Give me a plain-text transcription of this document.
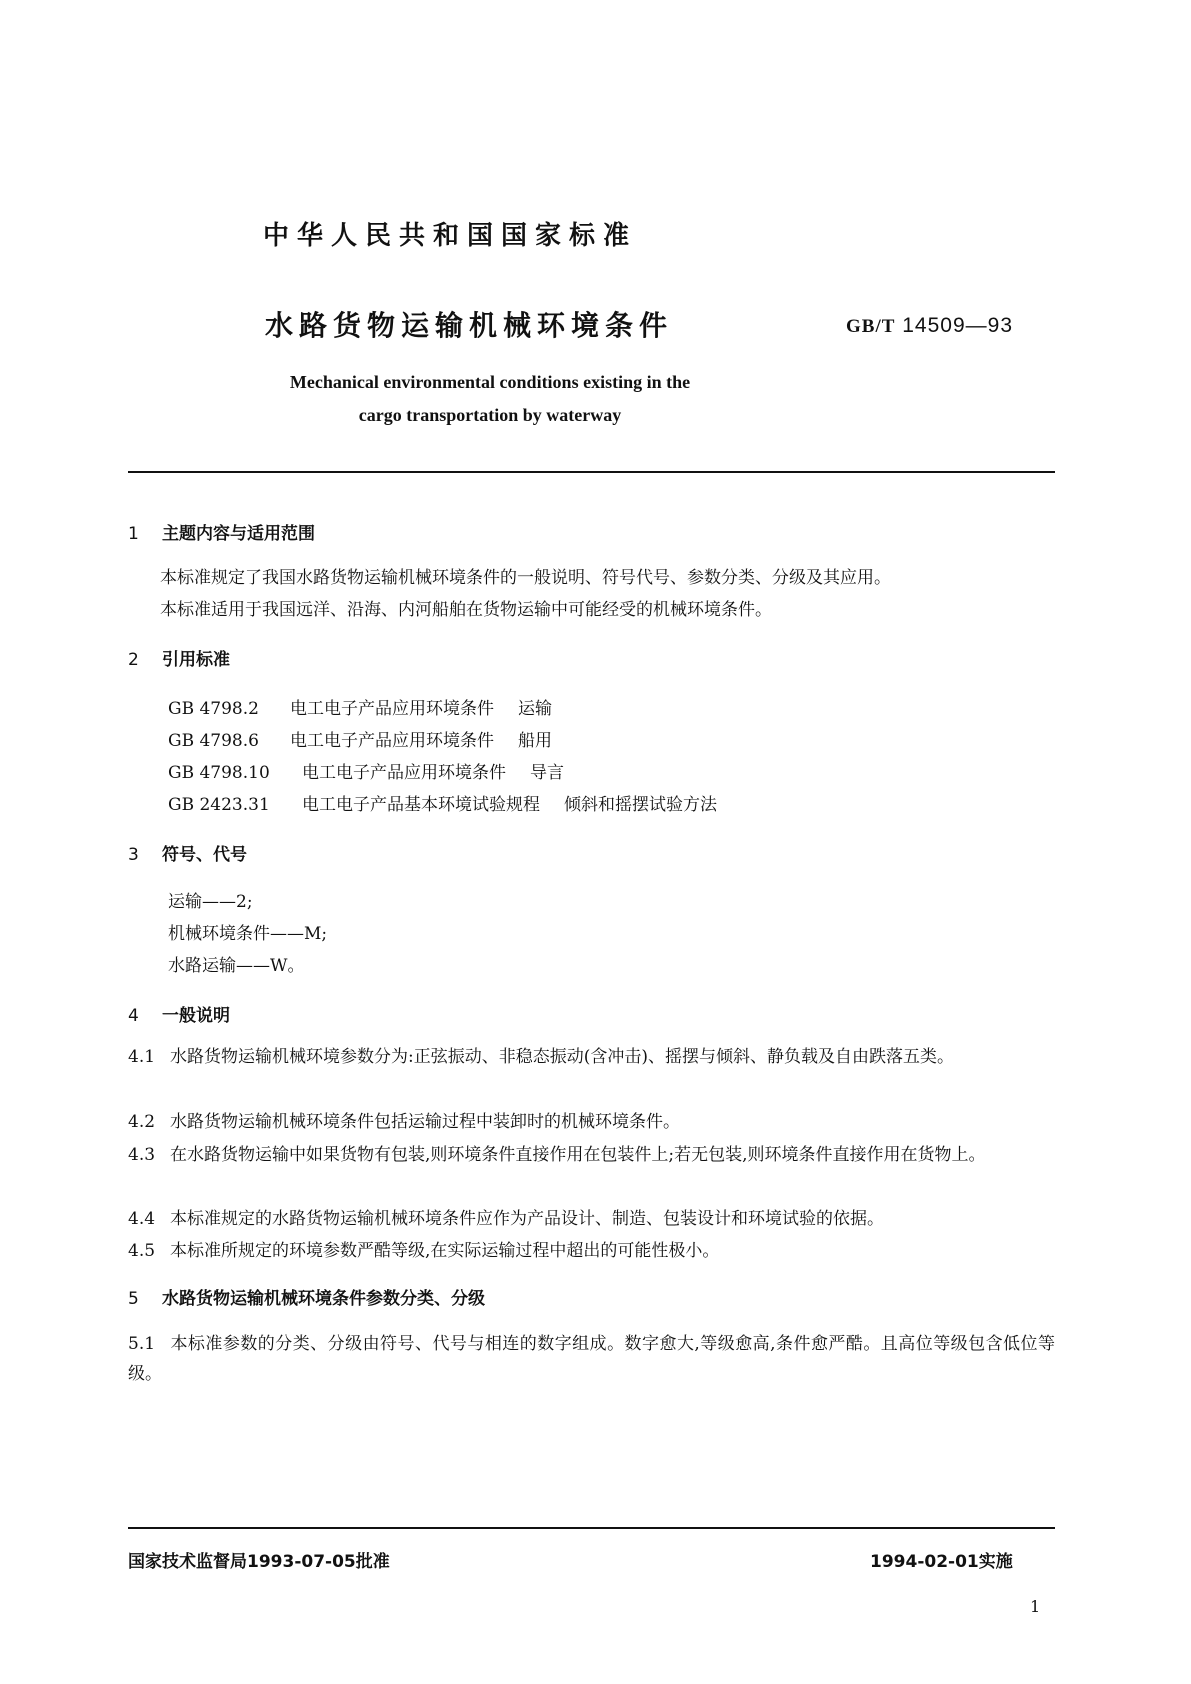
中华人民共和国国家标准
水路货物运输机械环境条件	GB/T 14509—93
Mechanical environmental conditions existing in the
cargo transportation by waterway
1 主题内容与适用范围
本标准规定了我国水路货物运输机械环境条件的一般说明、符号代号、参数分类、分级及其应用。
本标准适用于我国远洋、沿海、内河船舶在货物运输中可能经受的机械环境条件。
2 引用标准
GB 4798.2 电工电子产品应用环境条件 运输
GB 4798.6 电工电子产品应用环境条件 船用
GB 4798.10 电工电子产品应用环境条件 导言
GB 2423.31 电工电子产品基本环境试验规程 倾斜和摇摆试验方法
3 符号、代号
运输——2;
机械环境条件——M;
水路运输——W。
4 一般说明
4.1 水路货物运输机械环境参数分为:正弦振动、非稳态振动(含冲击)、摇摆与倾斜、静负载及自由跌落五类。
4.2 水路货物运输机械环境条件包括运输过程中装卸时的机械环境条件。
4.3 在水路货物运输中如果货物有包装,则环境条件直接作用在包装件上;若无包装,则环境条件直接作用在货物上。
4.4 本标准规定的水路货物运输机械环境条件应作为产品设计、制造、包装设计和环境试验的依据。
4.5 本标准所规定的环境参数严酷等级,在实际运输过程中超出的可能性极小。
5 水路货物运输机械环境条件参数分类、分级
5.1 本标准参数的分类、分级由符号、代号与相连的数字组成。数字愈大,等级愈高,条件愈严酷。且高位等级包含低位等级。
国家技术监督局1993-07-05批准	1994-02-01实施
1
